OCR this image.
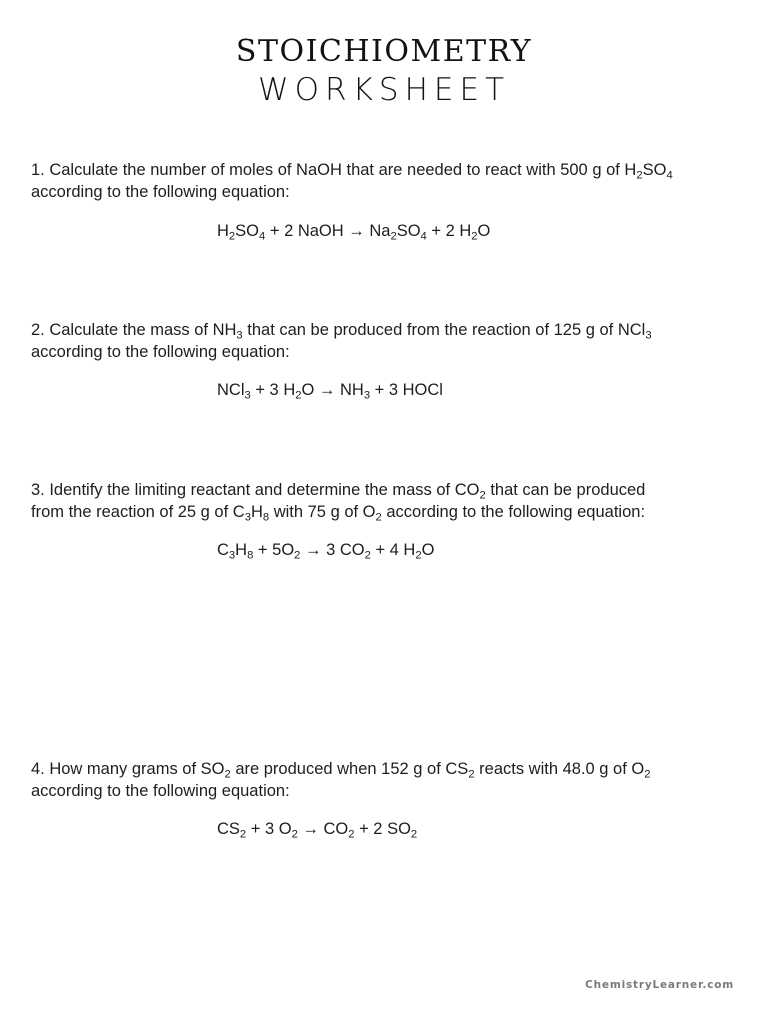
STOICHIOMETRY
WORKSHEET

1. Calculate the number of moles of NaOH that are needed to react with 500 g of $H_2SO_4$
according to the following equation:

$H_2SO_4 + 2$ NaOH → $Na_2SO_4 + 2$ $H_2O$

2. Calculate the mass of $NH_3$ that can be produced from the reaction of 125 g of NCl$_3$
according to the following equation:

NCl$_3$ + 3 $H_2O \to NH_3 + 3$ HOCl

3. Identify the limiting reactant and determine the mass of $CO_2$ that can be produced
from the reaction of 25 g of $C_3H_8$ with 75 g of $O_2$ according to the following equation:

$C_3H_8 + 5O_2 \to 3$ $CO_2 + 4$ $H_2O$

4. How many grams of $SO_2$ are produced when 152 g of $CS_2$ reacts with 48.0 g of $O_2$
according to the following equation:

$CS_2 + 3$ $O_2 \to CO_2 + 2$ $SO_2$
ChemistryLearner.com
